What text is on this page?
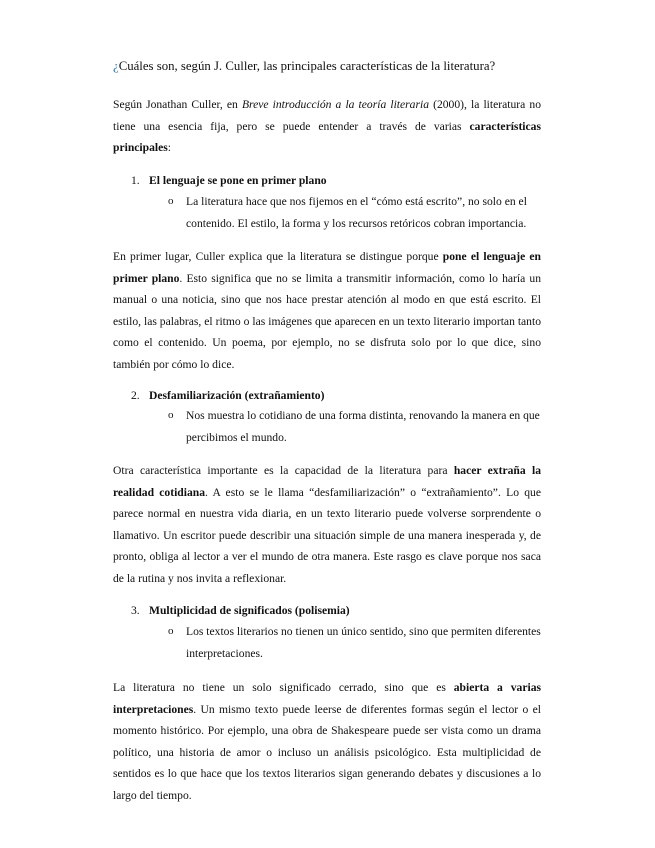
¿Cuáles son, según J. Culler, las principales características de la literatura?

Según Jonathan Culler, en Breve introducción a la teoría literaria (2000), la literatura no tiene una esencia fija, pero se puede entender a través de varias características principales:

1. El lenguaje se pone en primer plano
o La literatura hace que nos fijemos en el “cómo está escrito”, no solo en el contenido. El estilo, la forma y los recursos retóricos cobran importancia.

En primer lugar, Culler explica que la literatura se distingue porque pone el lenguaje en primer plano. Esto significa que no se limita a transmitir información, como lo haría un manual o una noticia, sino que nos hace prestar atención al modo en que está escrito. El estilo, las palabras, el ritmo o las imágenes que aparecen en un texto literario importan tanto como el contenido. Un poema, por ejemplo, no se disfruta solo por lo que dice, sino también por cómo lo dice.

2. Desfamiliarización (extrañamiento)
o Nos muestra lo cotidiano de una forma distinta, renovando la manera en que percibimos el mundo.

Otra característica importante es la capacidad de la literatura para hacer extraña la realidad cotidiana. A esto se le llama “desfamiliarización” o “extrañamiento”. Lo que parece normal en nuestra vida diaria, en un texto literario puede volverse sorprendente o llamativo. Un escritor puede describir una situación simple de una manera inesperada y, de pronto, obliga al lector a ver el mundo de otra manera. Este rasgo es clave porque nos saca de la rutina y nos invita a reflexionar.

3. Multiplicidad de significados (polisemia)
o Los textos literarios no tienen un único sentido, sino que permiten diferentes interpretaciones.

La literatura no tiene un solo significado cerrado, sino que es abierta a varias interpretaciones. Un mismo texto puede leerse de diferentes formas según el lector o el momento histórico. Por ejemplo, una obra de Shakespeare puede ser vista como un drama político, una historia de amor o incluso un análisis psicológico. Esta multiplicidad de sentidos es lo que hace que los textos literarios sigan generando debates y discusiones a lo largo del tiempo.
